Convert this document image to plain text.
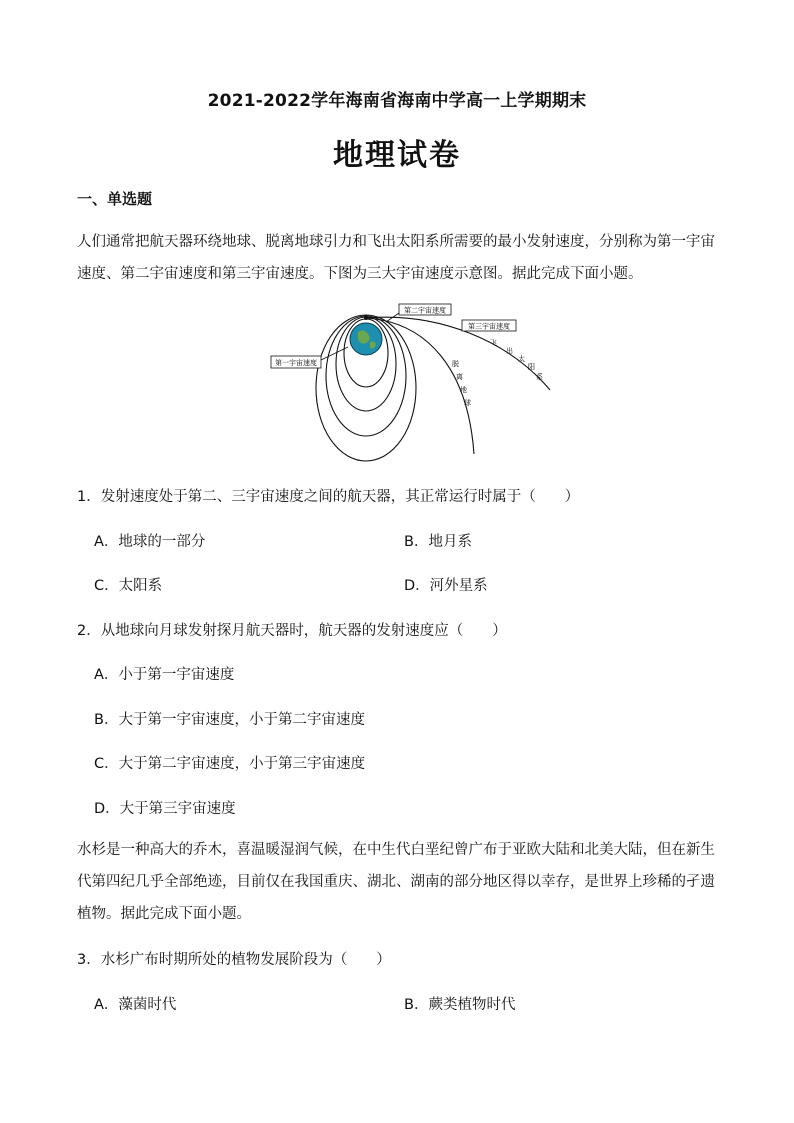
2021-2022学年海南省海南中学高一上学期期末
地理试卷
一、单选题
人们通常把航天器环绕地球、脱离地球引力和飞出太阳系所需要的最小发射速度，分别称为第一宇宙
速度、第二宇宙速度和第三宇宙速度。下图为三大宇宙速度示意图。据此完成下面小题。
第二宇宙速度
第三宇宙速度
第一宇宙速度	脱
离
地
球
飞
出
太
阳
系
1．发射速度处于第二、三宇宙速度之间的航天器，其正常运行时属于（　　）
A．地球的一部分	B．地月系
C．太阳系	D．河外星系
2．从地球向月球发射探月航天器时，航天器的发射速度应（　　）
A．小于第一宇宙速度
B．大于第一宇宙速度，小于第二宇宙速度
C．大于第二宇宙速度，小于第三宇宙速度
D．大于第三宇宙速度
水杉是一种高大的乔木，喜温暖湿润气候，在中生代白垩纪曾广布于亚欧大陆和北美大陆，但在新生
代第四纪几乎全部绝迹，目前仅在我国重庆、湖北、湖南的部分地区得以幸存，是世界上珍稀的孑遗
植物。据此完成下面小题。
3．水杉广布时期所处的植物发展阶段为（　　）
A．藻菌时代	B．蕨类植物时代
